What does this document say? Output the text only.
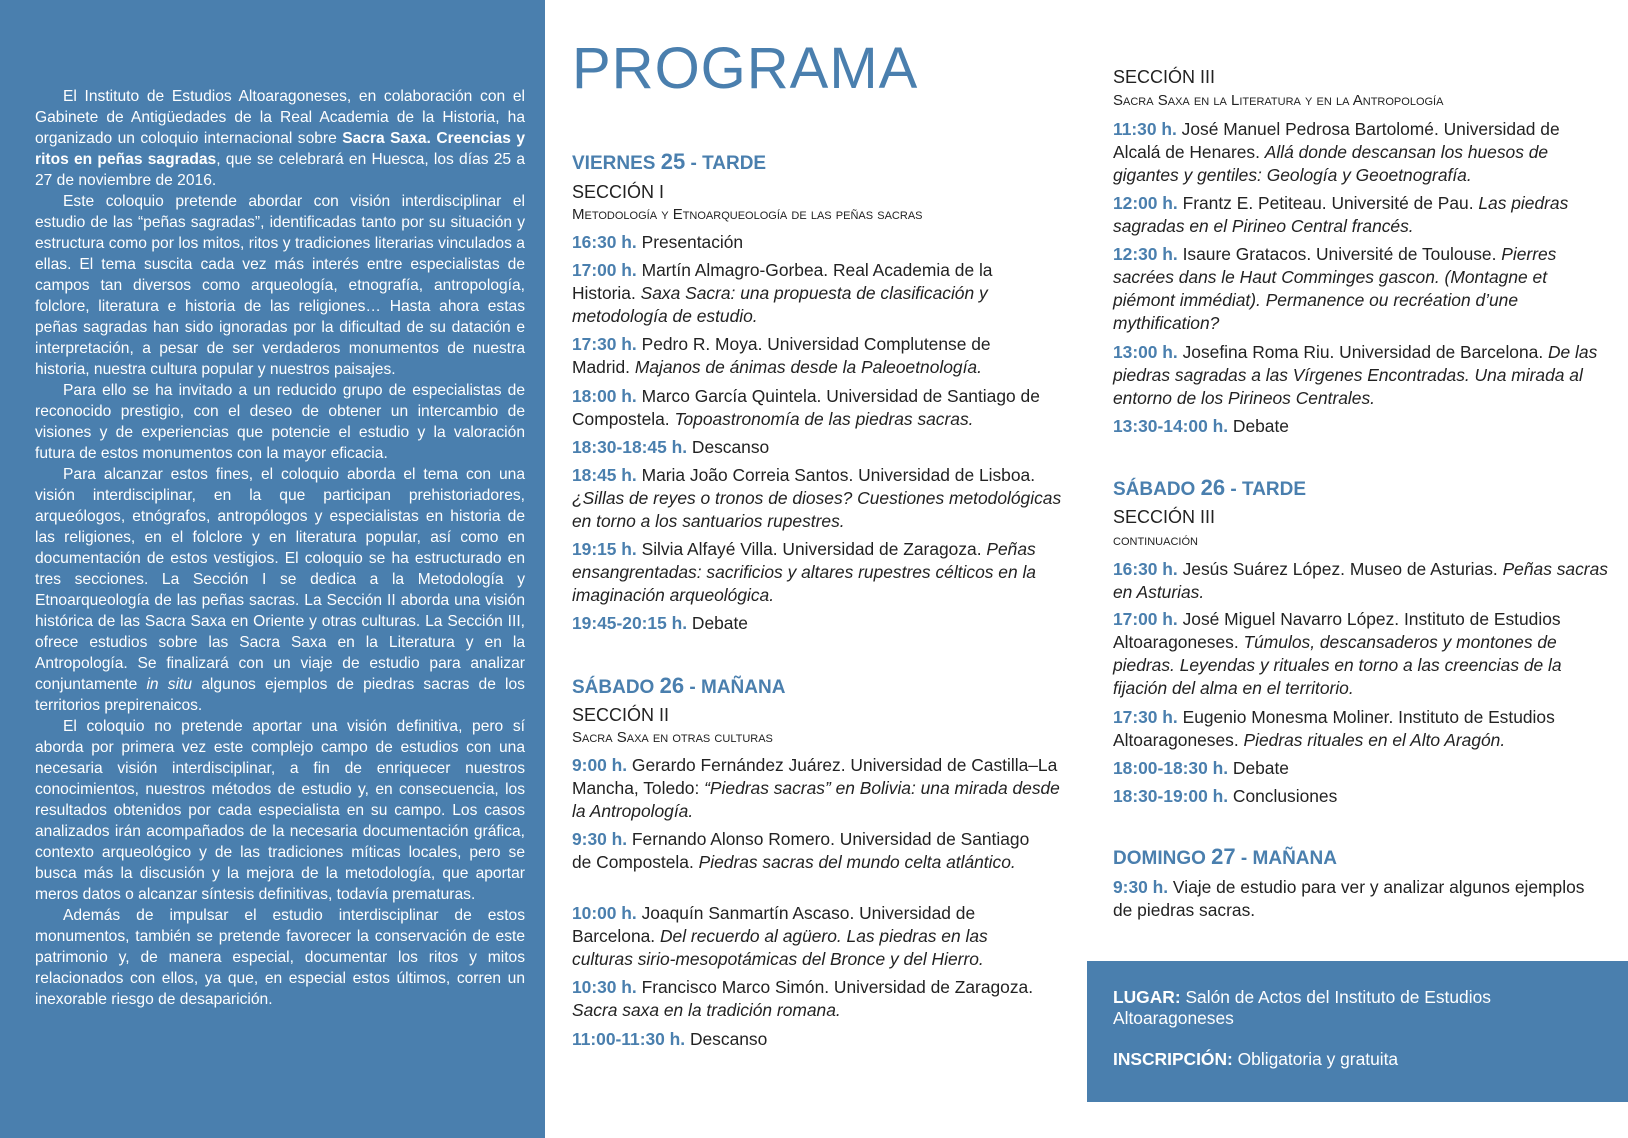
El Instituto de Estudios Altoaragoneses, en colaboración con el Gabinete de Antigüedades de la Real Academia de la Historia, ha organizado un coloquio internacional sobre Sacra Saxa. Creencias y ritos en peñas sagradas, que se celebrará en Huesca, los días 25 a 27 de noviembre de 2016.

Este coloquio pretende abordar con visión interdisciplinar el estudio de las “peñas sagradas”, identificadas tanto por su situación y estructura como por los mitos, ritos y tradiciones literarias vinculados a ellas. El tema suscita cada vez más interés entre especialistas de campos tan diversos como arqueología, etnografía, antropología, folclore, literatura e historia de las religiones… Hasta ahora estas peñas sagradas han sido ignoradas por la dificultad de su datación e interpretación, a pesar de ser verdaderos monumentos de nuestra historia, nuestra cultura popular y nuestros paisajes.

Para ello se ha invitado a un reducido grupo de especialistas de reconocido prestigio, con el deseo de obtener un intercambio de visiones y de experiencias que potencie el estudio y la valoración futura de estos monumentos con la mayor eficacia.

Para alcanzar estos fines, el coloquio aborda el tema con una visión interdisciplinar, en la que participan prehistoriadores, arqueólogos, etnógrafos, antropólogos y especialistas en historia de las religiones, en el folclore y en literatura popular, así como en documentación de estos vestigios. El coloquio se ha estructurado en tres secciones. La Sección I se dedica a la Metodología y Etnoarqueología de las peñas sacras. La Sección II aborda una visión histórica de las Sacra Saxa en Oriente y otras culturas. La Sección III, ofrece estudios sobre las Sacra Saxa en la Literatura y en la Antropología. Se finalizará con un viaje de estudio para analizar conjuntamente in situ algunos ejemplos de piedras sacras de los territorios prepirenaicos.

El coloquio no pretende aportar una visión definitiva, pero sí aborda por primera vez este complejo campo de estudios con una necesaria visión interdisciplinar, a fin de enriquecer nuestros conocimientos, nuestros métodos de estudio y, en consecuencia, los resultados obtenidos por cada especialista en su campo. Los casos analizados irán acompañados de la necesaria documentación gráfica, contexto arqueológico y de las tradiciones míticas locales, pero se busca más la discusión y la mejora de la metodología, que aportar meros datos o alcanzar síntesis definitivas, todavía prematuras.

Además de impulsar el estudio interdisciplinar de estos monumentos, también se pretende favorecer la conservación de este patrimonio y, de manera especial, documentar los ritos y mitos relacionados con ellos, ya que, en especial estos últimos, corren un inexorable riesgo de desaparición.

PROGRAMA
VIERNES 25 - TARDE
SECCIÓN I
Metodología y Etnoarqueología de las peñas sacras
16:30 h. Presentación
17:00 h. Martín Almagro-Gorbea. Real Academia de la Historia. Saxa Sacra: una propuesta de clasificación y metodología de estudio.
17:30 h. Pedro R. Moya. Universidad Complutense de Madrid. Majanos de ánimas desde la Paleoetnología.
18:00 h. Marco García Quintela. Universidad de Santiago de Compostela. Topoastronomía de las piedras sacras.
18:30-18:45 h. Descanso
18:45 h. Maria João Correia Santos. Universidad de Lisboa. ¿Sillas de reyes o tronos de dioses? Cuestiones metodológicas en torno a los santuarios rupestres.
19:15 h. Silvia Alfayé Villa. Universidad de Zaragoza. Peñas ensangrentadas: sacrificios y altares rupestres célticos en la imaginación arqueológica.
19:45-20:15 h. Debate
SÁBADO 26 - MAÑANA
SECCIÓN II
Sacra Saxa en otras culturas
9:00 h. Gerardo Fernández Juárez. Universidad de Castilla–La Mancha, Toledo: “Piedras sacras” en Bolivia: una mirada desde la Antropología.
9:30 h. Fernando Alonso Romero. Universidad de Santiago de Compostela. Piedras sacras del mundo celta atlántico.
10:00 h. Joaquín Sanmartín Ascaso. Universidad de Barcelona. Del recuerdo al agüero. Las piedras en las culturas sirio-mesopotámicas del Bronce y del Hierro.
10:30 h. Francisco Marco Simón. Universidad de Zaragoza. Sacra saxa en la tradición romana.
11:00-11:30 h. Descanso
SECCIÓN III
Sacra Saxa en la Literatura y en la Antropología
11:30 h. José Manuel Pedrosa Bartolomé. Universidad de Alcalá de Henares. Allá donde descansan los huesos de gigantes y gentiles: Geología y Geoetnografía.
12:00 h. Frantz E. Petiteau. Université de Pau. Las piedras sagradas en el Pirineo Central francés.
12:30 h. Isaure Gratacos. Université de Toulouse. Pierres sacrées dans le Haut Comminges gascon. (Montagne et piémont immédiat). Permanence ou recréation d’une mythification?
13:00 h. Josefina Roma Riu. Universidad de Barcelona. De las piedras sagradas a las Vírgenes Encontradas. Una mirada al entorno de los Pirineos Centrales.
13:30-14:00 h. Debate
SÁBADO 26 - TARDE
SECCIÓN III
continuación
16:30 h. Jesús Suárez López. Museo de Asturias. Peñas sacras en Asturias.
17:00 h. José Miguel Navarro López. Instituto de Estudios Altoaragoneses. Túmulos, descansaderos y montones de piedras. Leyendas y rituales en torno a las creencias de la fijación del alma en el territorio.
17:30 h. Eugenio Monesma Moliner. Instituto de Estudios Altoaragoneses. Piedras rituales en el Alto Aragón.
18:00-18:30 h. Debate
18:30-19:00 h. Conclusiones
DOMINGO 27 - MAÑANA
9:30 h. Viaje de estudio para ver y analizar algunos ejemplos de piedras sacras.
LUGAR: Salón de Actos del Instituto de Estudios Altoaragoneses
INSCRIPCIÓN: Obligatoria y gratuita
